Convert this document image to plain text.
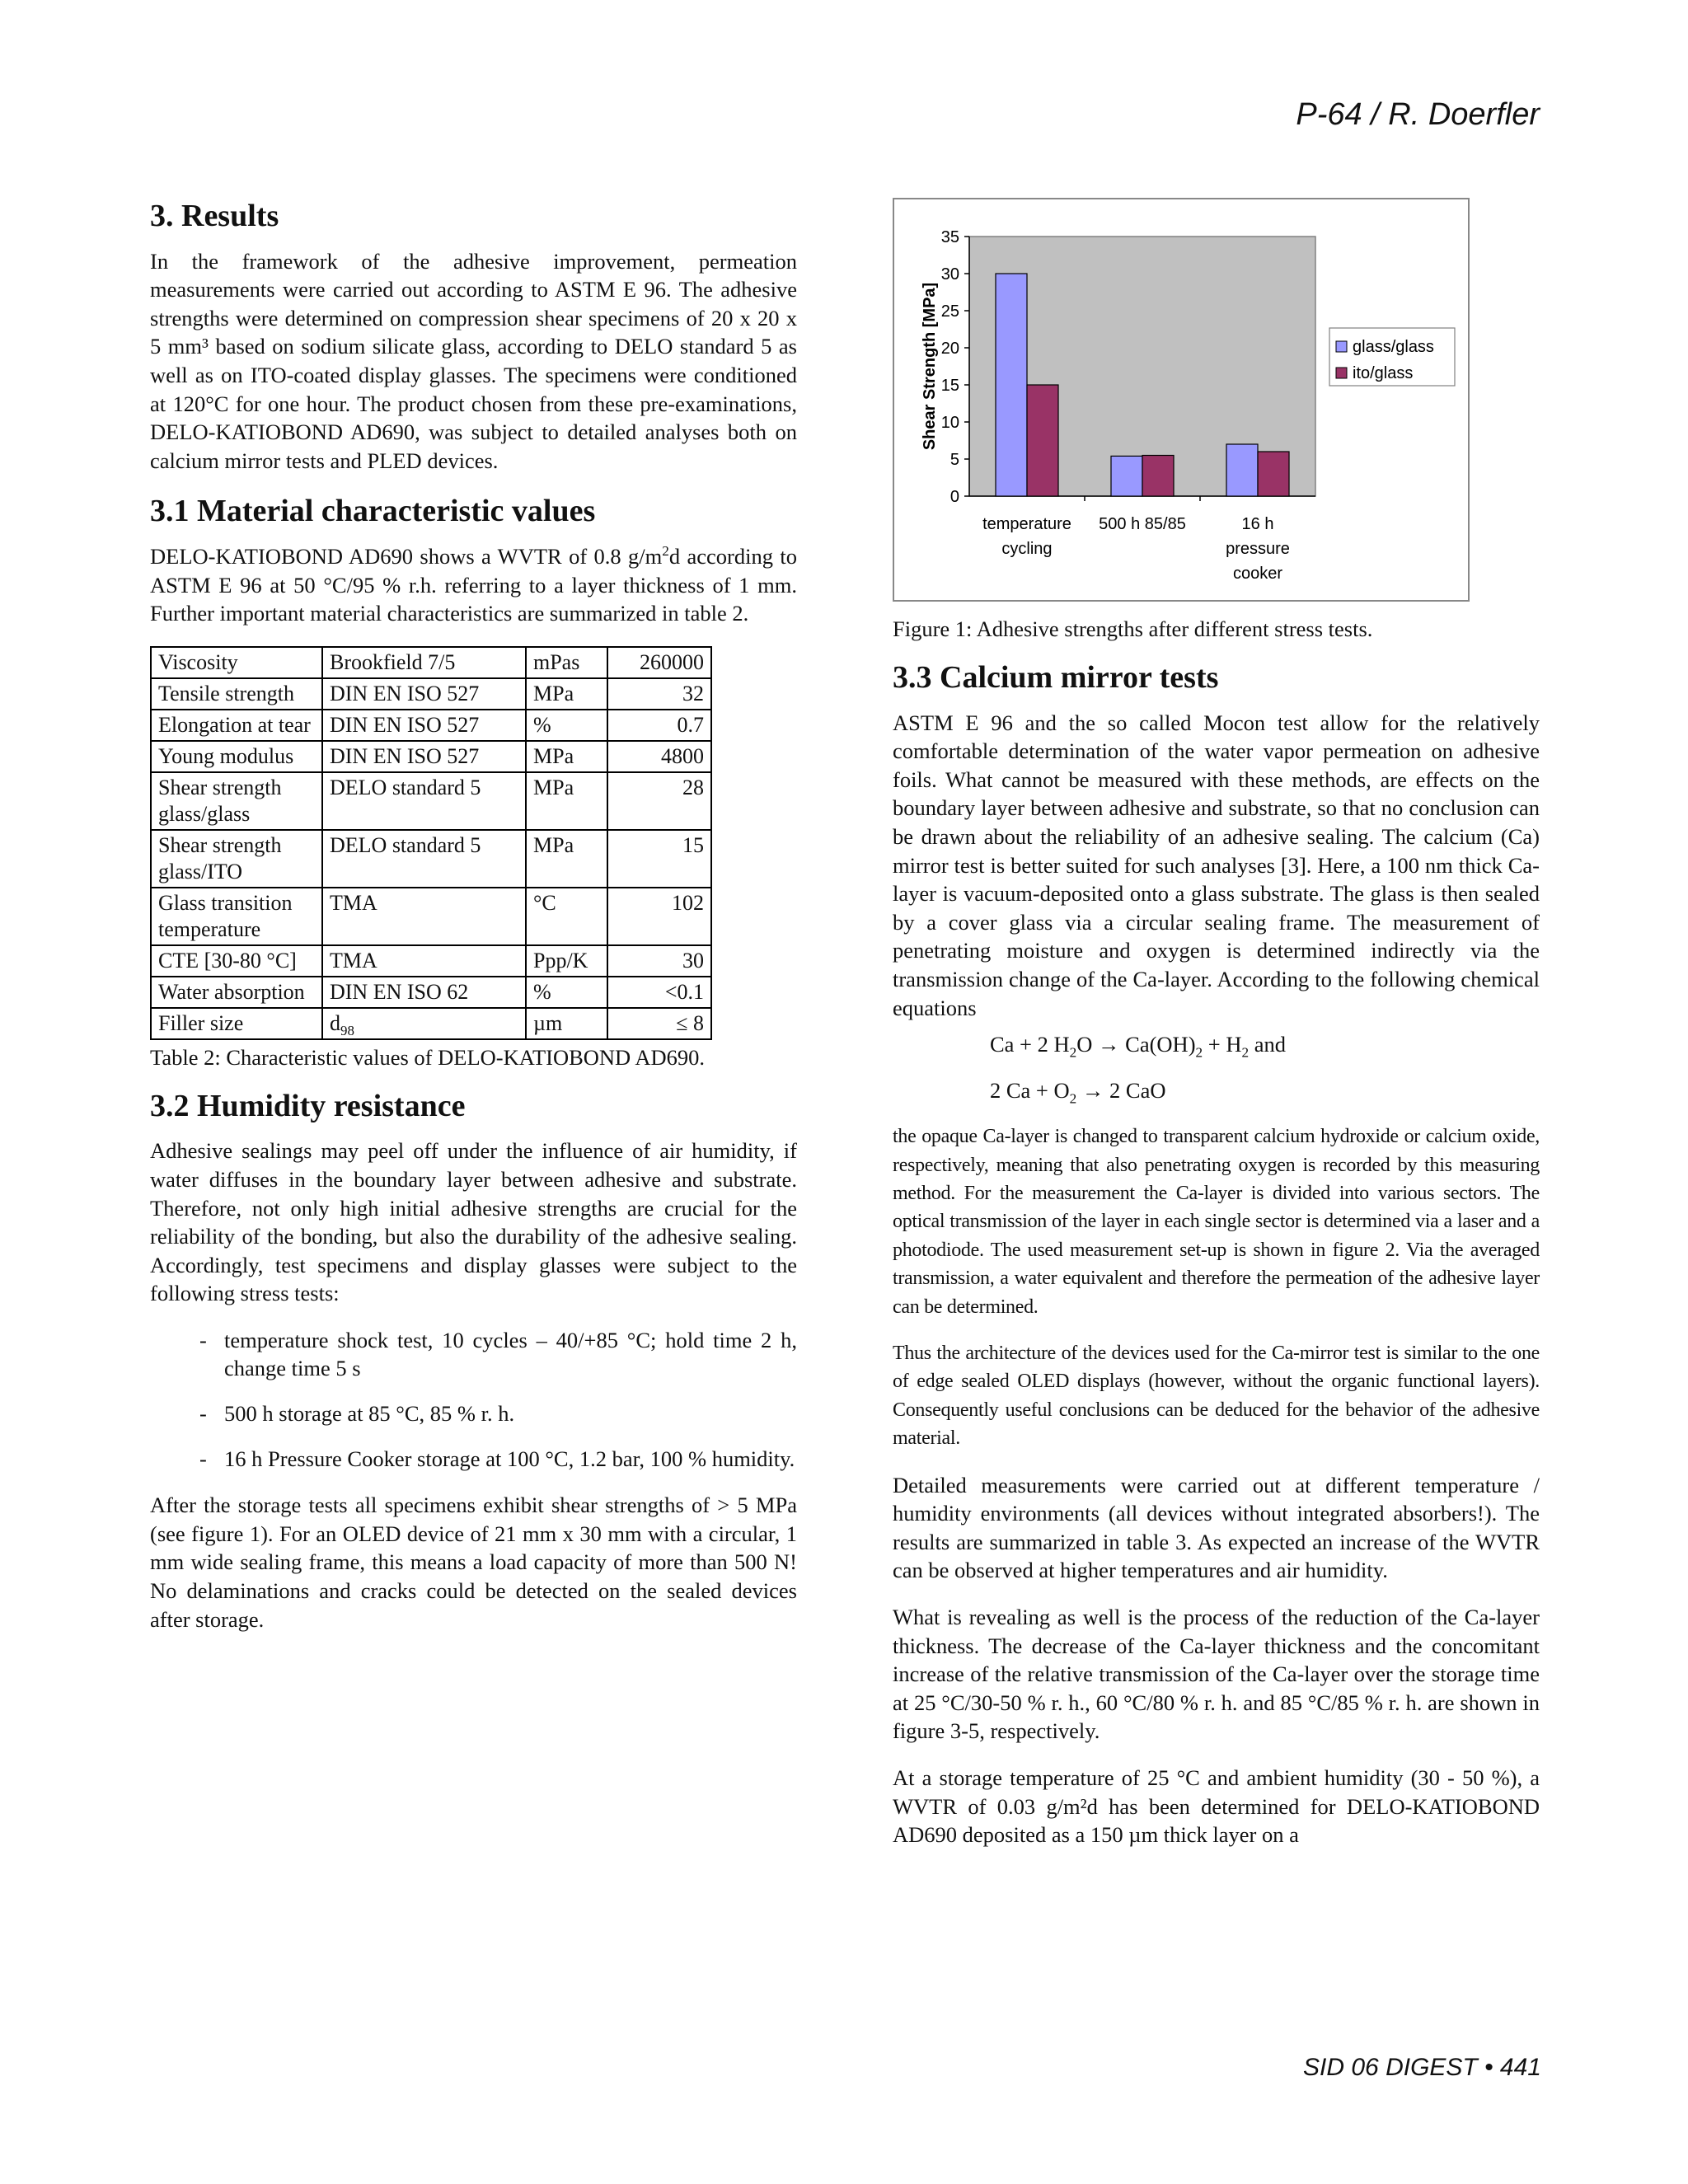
P-64 / R. Doerfler
3. Results

In the framework of the adhesive improvement, permeation measurements were carried out according to ASTM E 96. The adhesive strengths were determined on compression shear specimens of 20 x 20 x 5 mm³ based on sodium silicate glass, according to DELO standard 5 as well as on ITO-coated display glasses. The specimens were conditioned at 120°C for one hour. The product chosen from these pre-examinations, DELO-KATIOBOND AD690, was subject to detailed analyses both on calcium mirror tests and PLED devices.

3.1 Material characteristic values

DELO-KATIOBOND AD690 shows a WVTR of 0.8 $g/m^2d$ according to ASTM E 96 at 50 °C/95 % r.h. referring to a layer thickness of 1 mm. Further important material characteristics are summarized in table 2.

Viscosity	Brookfield 7/5	mPas	260000
Tensile strength	DIN EN ISO 527	MPa	32
Elongation at tear	DIN EN ISO 527	%	0.7
Young modulus	DIN EN ISO 527	MPa	4800
Shear strength glass/glass	DELO standard 5	MPa	28
Shear strength glass/ITO	DELO standard 5	MPa	15
Glass transition temperature	TMA	°C	102
CTE [30-80 °C]	TMA	Ppp/K	30
Water absorption	DIN EN ISO 62	%	<0.1
Filler size	$d_{98}$	µm	≤ 8
Table 2: Characteristic values of DELO-KATIOBOND AD690.
3.2 Humidity resistance

Adhesive sealings may peel off under the influence of air humidity, if water diffuses in the boundary layer between adhesive and substrate. Therefore, not only high initial adhesive strengths are crucial for the reliability of the bonding, but also the durability of the adhesive sealing. Accordingly, test specimens and display glasses were subject to the following stress tests:

- temperature shock test, 10 cycles – 40/+85 °C; hold time 2 h, change time 5 s
- 500 h storage at 85 °C, 85 % r. h.
- 16 h Pressure Cooker storage at 100 °C, 1.2 bar, 100 % humidity.

After the storage tests all specimens exhibit shear strengths of > 5 MPa (see figure 1). For an OLED device of 21 mm x 30 mm with a circular, 1 mm wide sealing frame, this means a load capacity of more than 500 N! No delaminations and cracks could be detected on the sealed devices after storage.

0
5
10
15
20
25
30
35
Shear Strength [MPa]
temperature
cycling
500 h 85/85	16 h
pressure
cooker
glass/glass
ito/glass
Figure 1: Adhesive strengths after different stress tests.
3.3 Calcium mirror tests

ASTM E 96 and the so called Mocon test allow for the relatively comfortable determination of the water vapor permeation on adhesive foils. What cannot be measured with these methods, are effects on the boundary layer between adhesive and substrate, so that no conclusion can be drawn about the reliability of an adhesive sealing. The calcium (Ca) mirror test is better suited for such analyses [3]. Here, a 100 nm thick Ca-layer is vacuum-deposited onto a glass substrate. The glass is then sealed by a cover glass via a circular sealing frame. The measurement of penetrating moisture and oxygen is determined indirectly via the transmission change of the Ca-layer. According to the following chemical equations

Ca + 2 $H_2O \to Ca(OH)_2 + H_2$ and
2 $Ca + O_2 \to 2$ CaO

the opaque Ca-layer is changed to transparent calcium hydroxide or calcium oxide, respectively, meaning that also penetrating oxygen is recorded by this measuring method. For the measurement the Ca-layer is divided into various sectors. The optical transmission of the layer in each single sector is determined via a laser and a photodiode. The used measurement set-up is shown in figure 2. Via the averaged transmission, a water equivalent and therefore the permeation of the adhesive layer can be determined.

Thus the architecture of the devices used for the Ca-mirror test is similar to the one of edge sealed OLED displays (however, without the organic functional layers). Consequently useful conclusions can be deduced for the behavior of the adhesive material.

Detailed measurements were carried out at different temperature / humidity environments (all devices without integrated absorbers!). The results are summarized in table 3. As expected an increase of the WVTR can be observed at higher temperatures and air humidity.

What is revealing as well is the process of the reduction of the Ca-layer thickness. The decrease of the Ca-layer thickness and the concomitant increase of the relative transmission of the Ca-layer over the storage time at 25 °C/30-50 % r. h., 60 °C/80 % r. h. and 85 °C/85 % r. h. are shown in figure 3-5, respectively.

At a storage temperature of 25 °C and ambient humidity (30 - 50 %), a WVTR of 0.03 g/m²d has been determined for DELO-KATIOBOND AD690 deposited as a 150 µm thick layer on a

SID 06 DIGEST • 441
